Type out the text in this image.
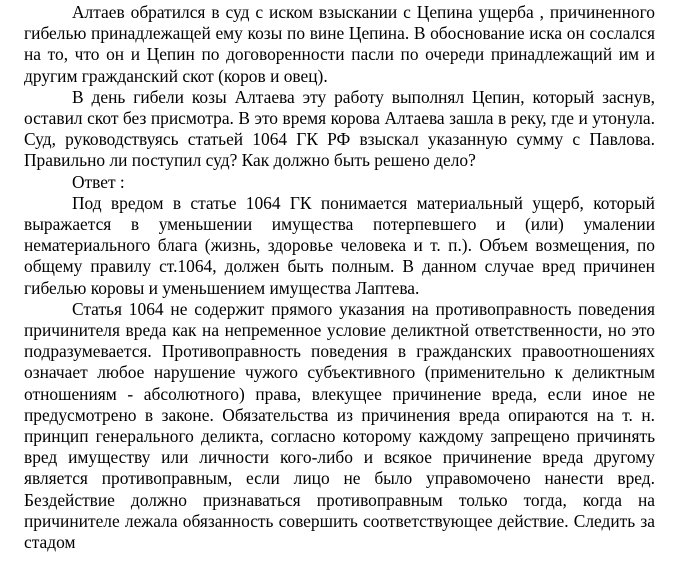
Алтаев обратился в суд с иском взыскании с Цепина ущерба , причиненного гибелью принадлежащей ему козы по вине Цепина. В обоснование иска он сослался на то, что он и Цепин по договоренности пасли по очереди принадлежащий им и другим гражданский скот (коров и овец).

В день гибели козы Алтаева эту работу выполнял Цепин, который заснув, оставил скот без присмотра. В это время корова Алтаева зашла в реку, где и утонула. Суд, руководствуясь статьей 1064 ГК РФ взыскал указанную сумму с Павлова. Правильно ли поступил суд? Как должно быть решено дело?

Ответ :

Под вредом в статье 1064 ГК понимается материальный ущерб, который выражается в уменьшении имущества потерпевшего и (или) умалении нематериального блага (жизнь, здоровье человека и т. п.). Объем возмещения, по общему правилу ст.1064, должен быть полным. В данном случае вред причинен гибелью коровы и уменьшением имущества Лаптева.

Статья 1064 не содержит прямого указания на противоправность поведения причинителя вреда как на непременное условие деликтной ответственности, но это подразумевается. Противоправность поведения в гражданских правоотношениях означает любое нарушение чужого субъективного (применительно к деликтным отношениям - абсолютного) права, влекущее причинение вреда, если иное не предусмотрено в законе. Обязательства из причинения вреда опираются на т. н. принцип генерального деликта, согласно которому каждому запрещено причинять вред имуществу или личности кого-либо и всякое причинение вреда другому является противоправным, если лицо не было управомочено нанести вред. Бездействие должно признаваться противоправным только тогда, когда на причинителе лежала обязанность совершить соответствующее действие. Следить за стадом
